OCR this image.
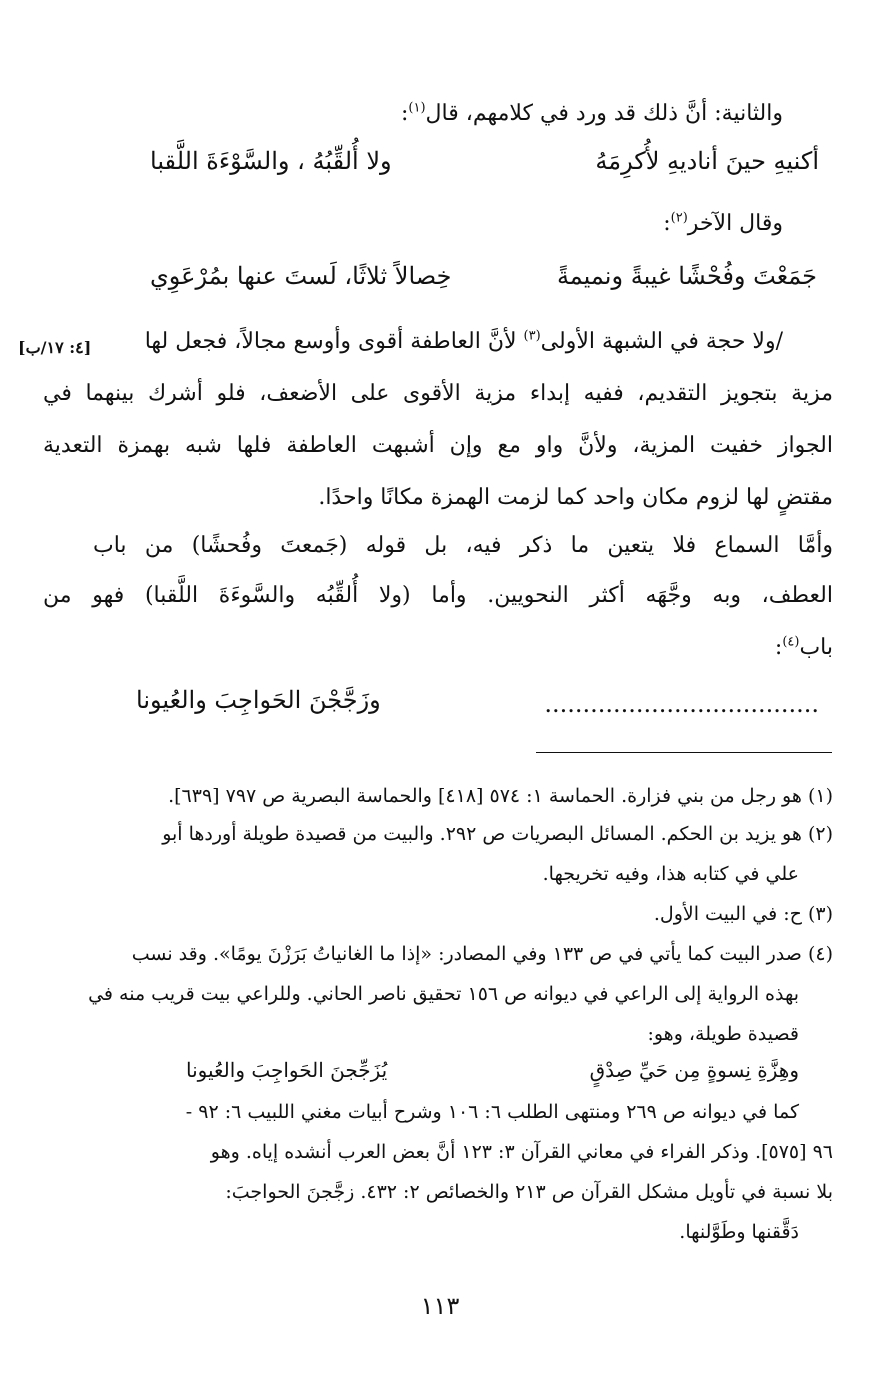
والثانية: أنَّ ذلك قد ورد في كلامهم، قال$^{(١)}$:
أكنيهِ حينَ أناديهِ لأُكرِمَهُ
ولا أُلقِّبُهُ ، والسَّوْءَةَ اللَّقبا
وقال الآخر$^{(٢)}$:
جَمَعْتَ وفُحْشًا غيبةً ونميمةً
خِصالاً ثلاثًا، لَستَ عنها بمُرْعَوِي
[٤: ١٧/ب]	/ولا حجة في الشبهة الأولى$^{(٣)}$ لأنَّ العاطفة أقوى وأوسع مجالاً، فجعل لها
مزية بتجويز التقديم، ففيه إبداء مزية الأقوى على الأضعف، فلو أشرك بينهما في
الجواز خفيت المزية، ولأنَّ واو مع وإن أشبهت العاطفة فلها شبه بهمزة التعدية
مقتضٍ لها لزوم مكان واحد كما لزمت الهمزة مكانًا واحدًا.
وأمَّا السماع فلا يتعين ما ذكر فيه، بل قوله (جَمعتَ وفُحشًا) من باب
العطف، وبه وجَّهَه أكثر النحويين. وأما (ولا أُلقِّبُه والسَّوءَةَ اللَّقبا) فهو من
باب$^{(٤)}$:
....................................
وزَجَّجْنَ الحَواجِبَ والعُيونا
(١) هو رجل من بني فزارة. الحماسة ١: ٥٧٤ [٤١٨] والحماسة البصرية ص ٧٩٧ [٦٣٩].
(٢) هو يزيد بن الحكم. المسائل البصريات ص ٢٩٢. والبيت من قصيدة طويلة أوردها أبو
علي في كتابه هذا، وفيه تخريجها.
(٣) ح: في البيت الأول.
(٤) صدر البيت كما يأتي في ص ١٣٣ وفي المصادر: «إذا ما الغانياتُ بَرَزْنَ يومًا». وقد نسب
بهذه الرواية إلى الراعي في ديوانه ص ١٥٦ تحقيق ناصر الحاني. وللراعي بيت قريب منه في
قصيدة طويلة، وهو:
وهِزَّةِ نِسوةٍ مِن حَيِّ صِدْقٍ
يُزَجِّجنَ الحَواجِبَ والعُيونا
كما في ديوانه ص ٢٦٩ ومنتهى الطلب ٦: ١٠٦ وشرح أبيات مغني اللبيب ٦: ٩٢ -
٩٦ [٥٧٥]. وذكر الفراء في معاني القرآن ٣: ١٢٣ أنَّ بعض العرب أنشده إياه. وهو
بلا نسبة في تأويل مشكل القرآن ص ٢١٣ والخصائص ٢: ٤٣٢. زجَّجنَ الحواجبَ:
دَقَّقنها وطَوَّلنها.
١١٣
